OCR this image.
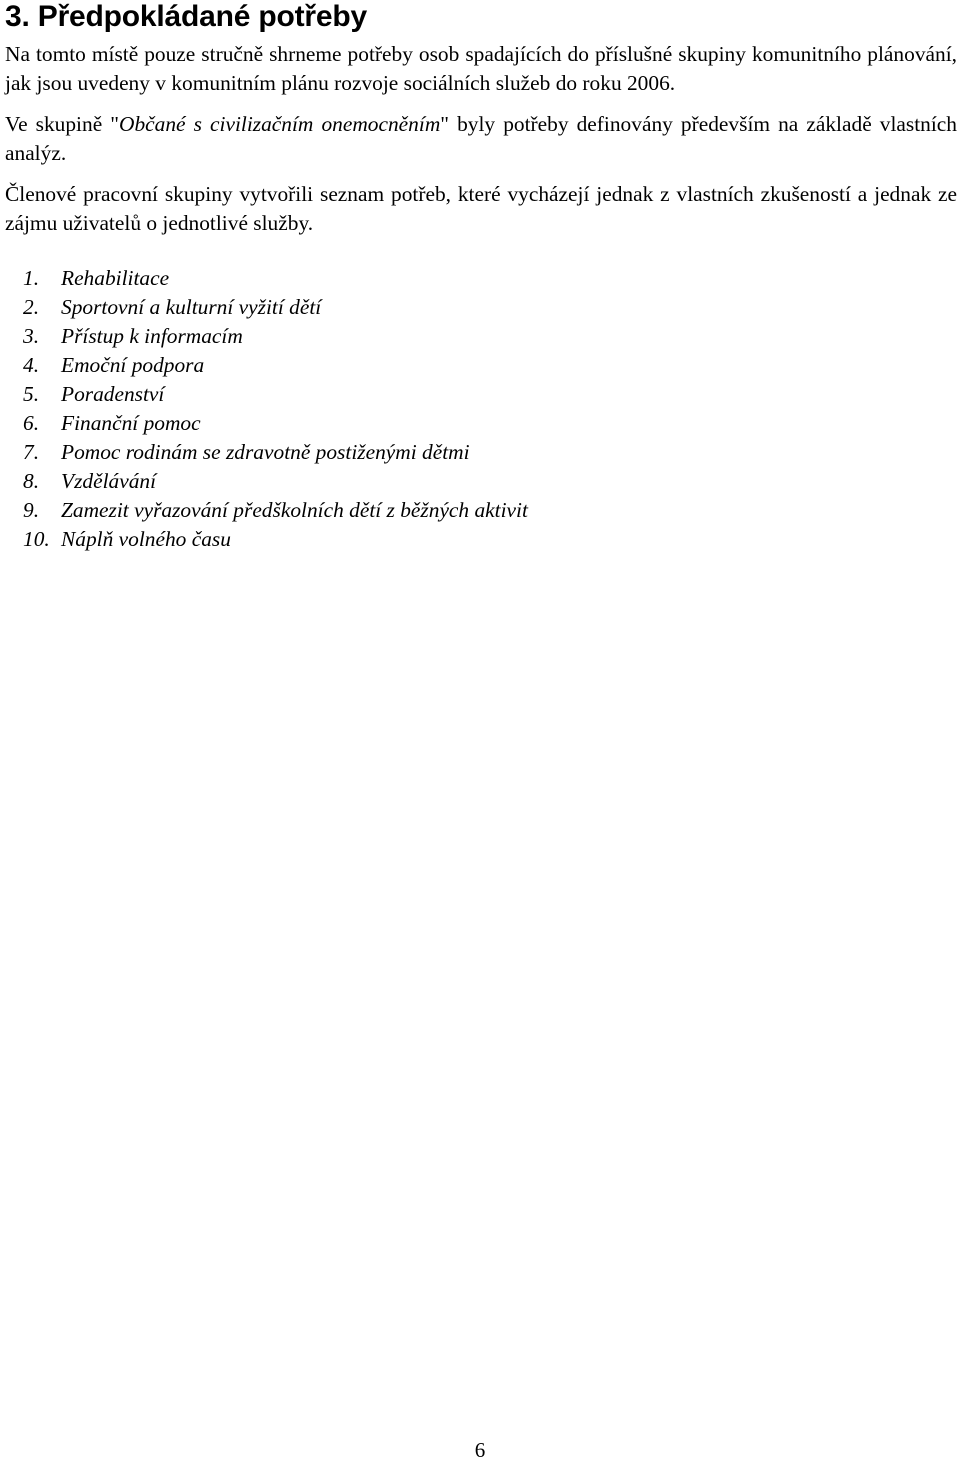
3. Předpokládané potřeby

Na tomto místě pouze stručně shrneme potřeby osob spadajících do příslušné skupiny komunitního plánování, jak jsou uvedeny v komunitním plánu rozvoje sociálních služeb do roku 2006.

Ve skupině "Občané s civilizačním onemocněním" byly potřeby definovány především na základě vlastních analýz.

Členové pracovní skupiny vytvořili seznam potřeb, které vycházejí jednak z vlastních zkušeností a jednak ze zájmu uživatelů o jednotlivé služby.

1.	Rehabilitace
2.	Sportovní a kulturní vyžití dětí
3.	Přístup k informacím
4.	Emoční podpora
5.	Poradenství
6.	Finanční pomoc
7.	Pomoc rodinám se zdravotně postiženými dětmi
8.	Vzdělávání
9.	Zamezit vyřazování předškolních dětí z běžných aktivit
10. Náplň volného času
6
